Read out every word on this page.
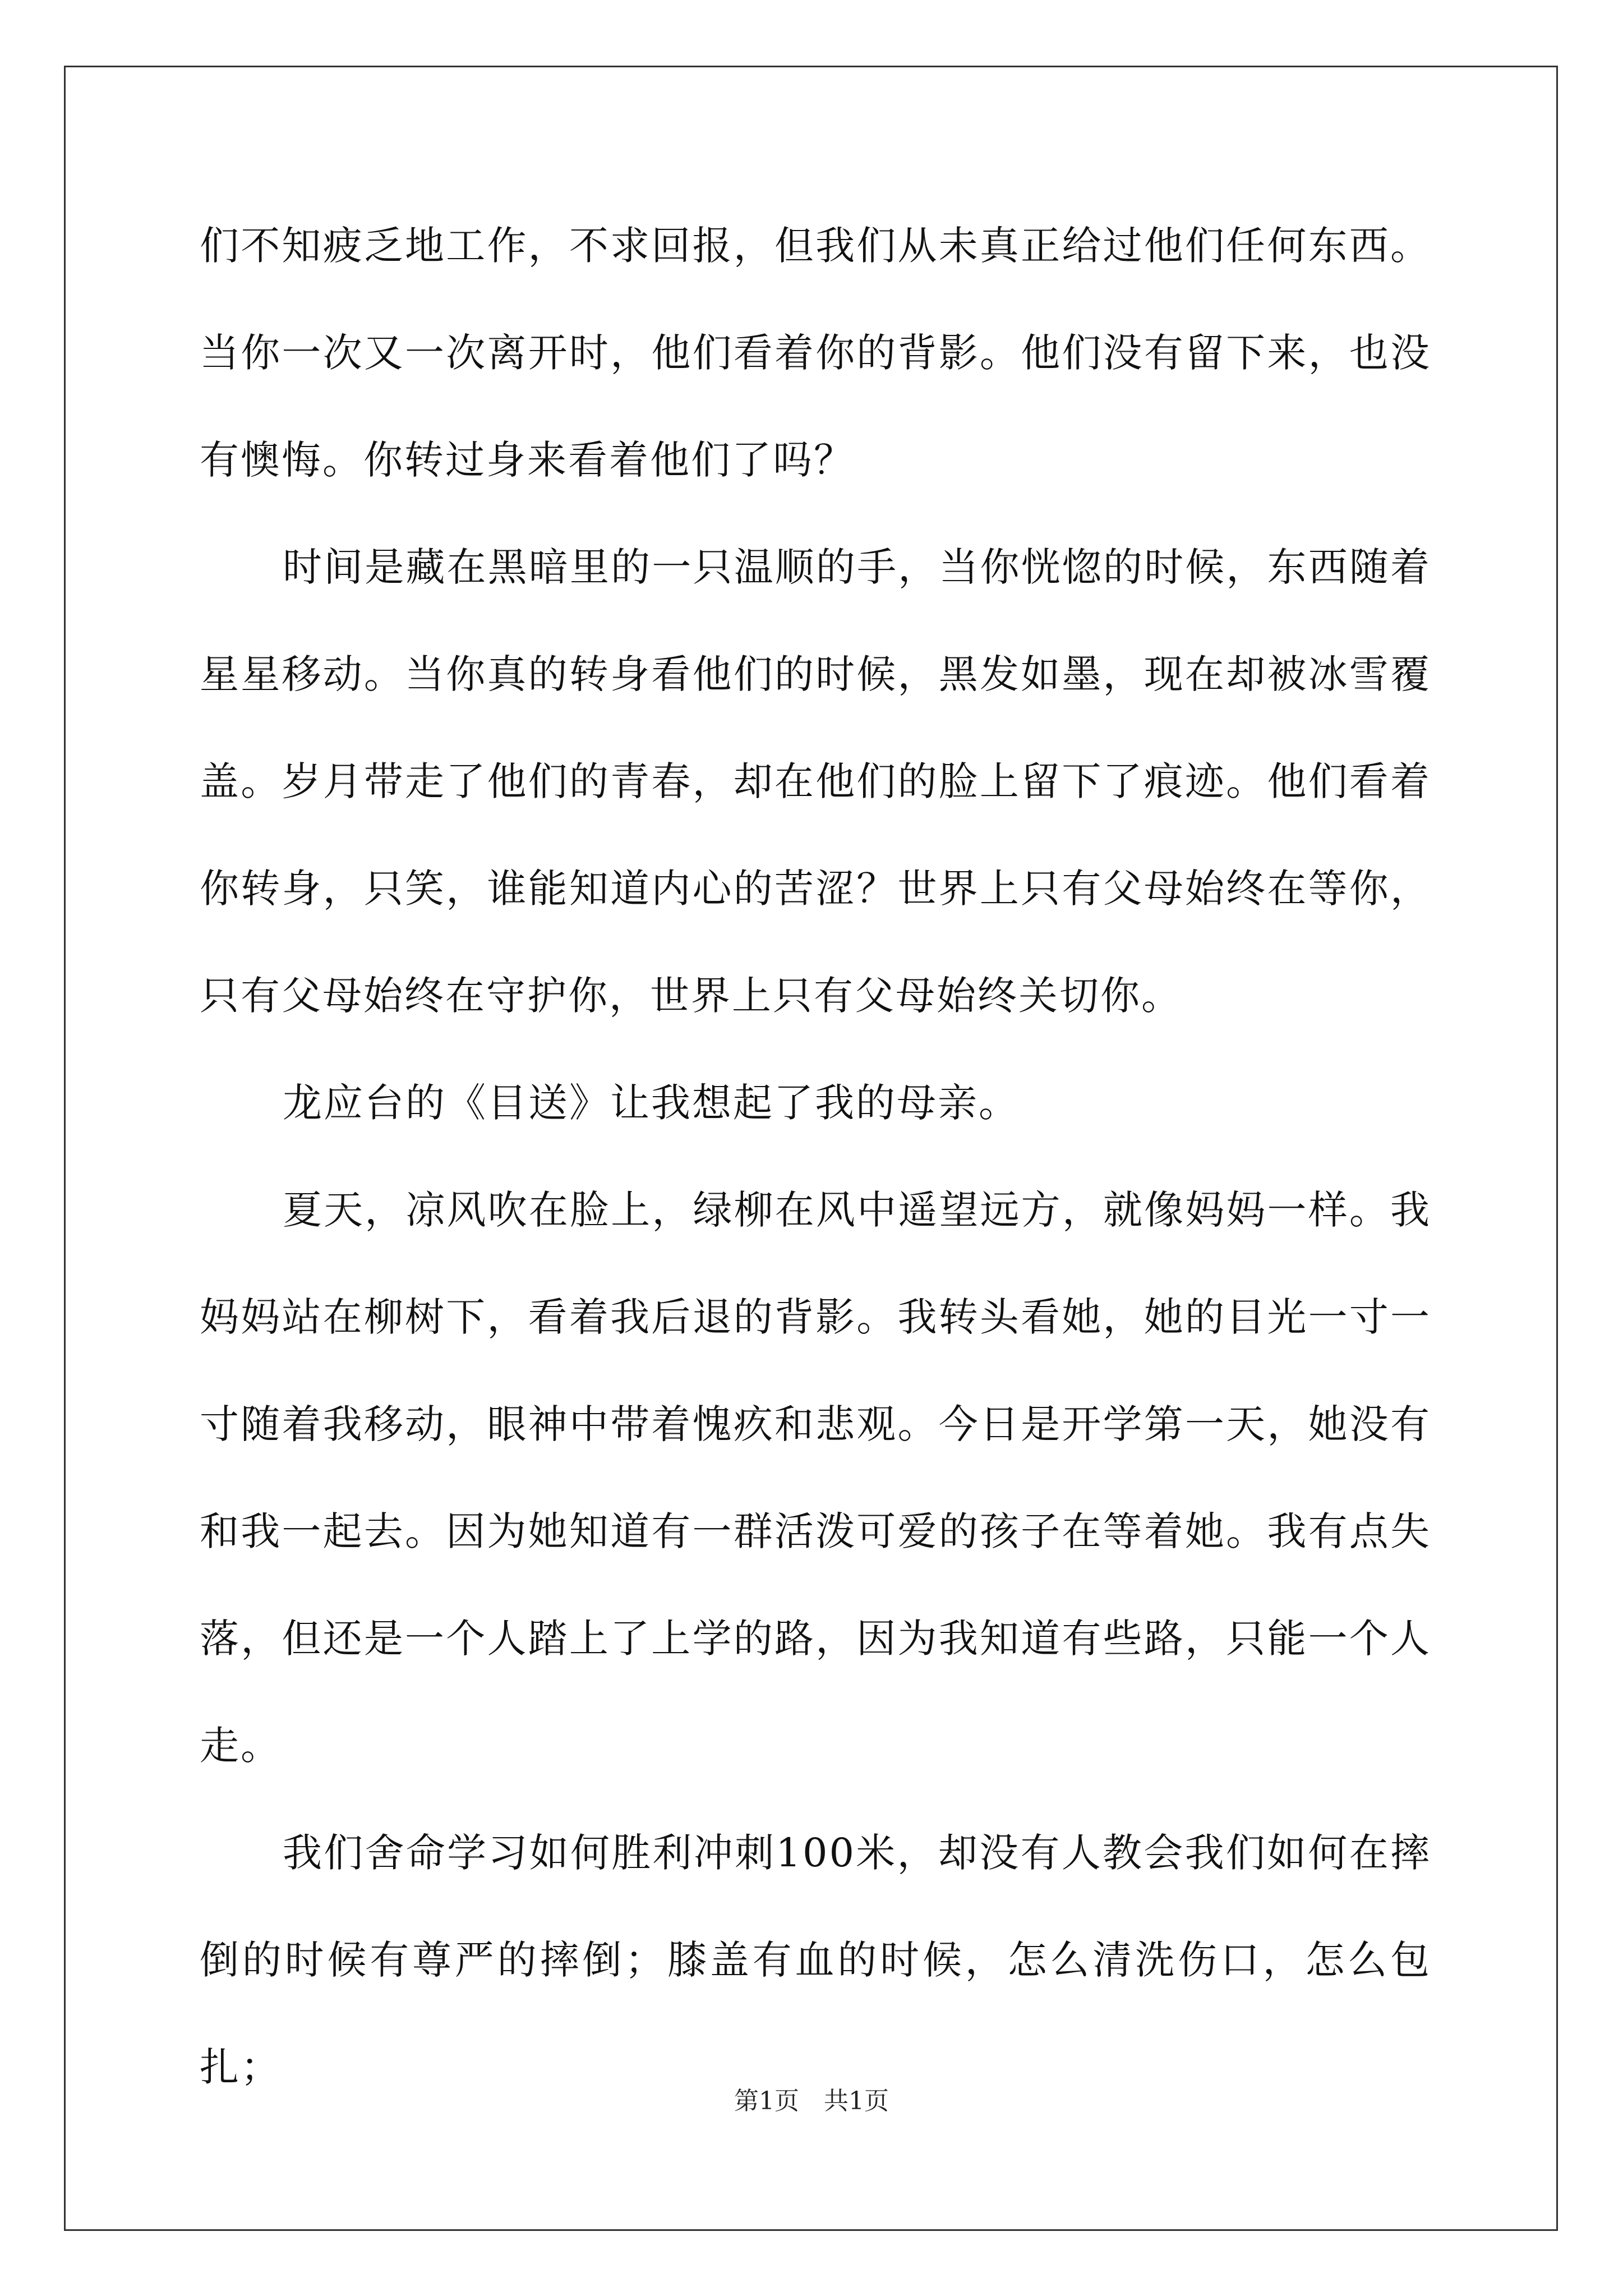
们不知疲乏地工作，不求回报，但我们从未真正给过他们任何东西。当你一次又一次离开时，他们看着你的背影。他们没有留下来，也没有懊悔。你转过身来看着他们了吗？

时间是藏在黑暗里的一只温顺的手，当你恍惚的时候，东西随着星星移动。当你真的转身看他们的时候，黑发如墨，现在却被冰雪覆盖。岁月带走了他们的青春，却在他们的脸上留下了痕迹。他们看着你转身，只笑，谁能知道内心的苦涩？世界上只有父母始终在等你，只有父母始终在守护你，世界上只有父母始终关切你。

龙应台的《目送》让我想起了我的母亲。

夏天，凉风吹在脸上，绿柳在风中遥望远方，就像妈妈一样。我妈妈站在柳树下，看着我后退的背影。我转头看她，她的目光一寸一寸随着我移动，眼神中带着愧疚和悲观。今日是开学第一天，她没有和我一起去。因为她知道有一群活泼可爱的孩子在等着她。我有点失落，但还是一个人踏上了上学的路，因为我知道有些路，只能一个人走。

我们舍命学习如何胜利冲刺100米，却没有人教会我们如何在摔倒的时候有尊严的摔倒；膝盖有血的时候，怎么清洗伤口，怎么包扎；

第1页　共1页
